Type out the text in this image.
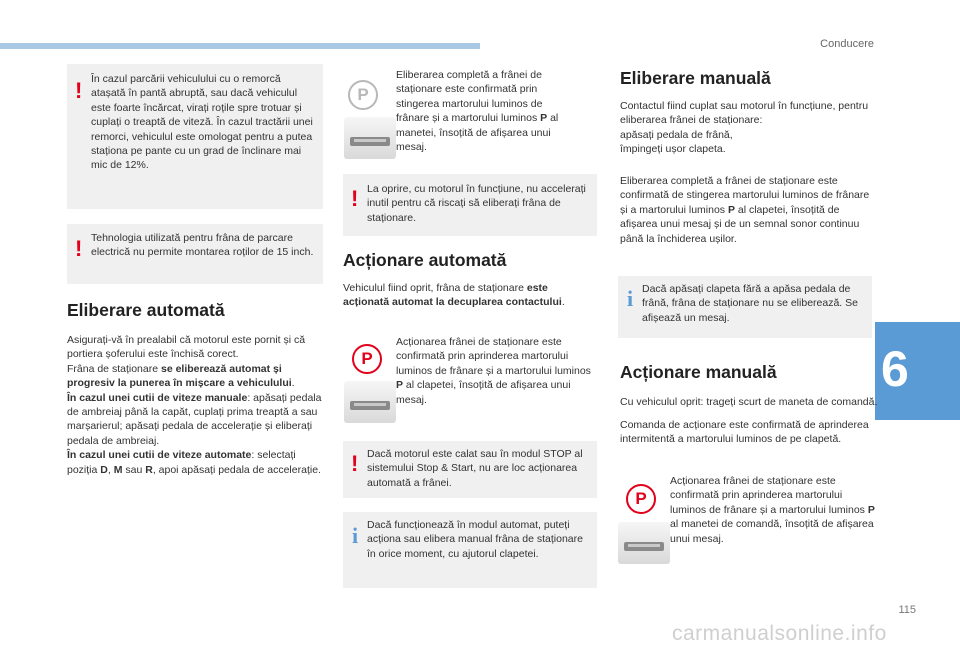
Conducere
6
! În cazul parcării vehiculului cu o remorcă atașată în pantă abruptă, sau dacă vehiculul este foarte încărcat, virați roțile spre trotuar și cuplați o treaptă de viteză. În cazul tractării unei remorci, vehiculul este omologat pentru a putea staționa pe pante cu un grad de înclinare mai mic de 12%.
! Tehnologia utilizată pentru frâna de parcare electrică nu permite montarea roților de 15 inch.
Eliberare automată
Asigurați-vă în prealabil că motorul este pornit și că portiera șoferului este închisă corect.
Frâna de staționare se eliberează automat și progresiv la punerea în mișcare a vehiculului.
În cazul unei cutii de viteze manuale: apăsați pedala de ambreiaj până la capăt, cuplați prima treaptă a sau marșarierul; apăsați pedala de accelerație și eliberați pedala de ambreiaj.
În cazul unei cutii de viteze automate: selectați poziția D, M sau R, apoi apăsați pedala de accelerație.
P
Eliberarea completă a frânei de staționare este confirmată prin stingerea martorului luminos de frânare și a martorului luminos P al manetei, însoțită de afișarea unui mesaj.
! La oprire, cu motorul în funcțiune, nu accelerați inutil pentru că riscați să eliberați frâna de staționare.
Acționare automată
Vehiculul fiind oprit, frâna de staționare este acționată automat la decuplarea contactului.
P
Acționarea frânei de staționare este confirmată prin aprinderea martorului luminos de frânare și a martorului luminos P al clapetei, însoțită de afișarea unui mesaj.
! Dacă motorul este calat sau în modul STOP al sistemului Stop & Start, nu are loc acționarea automată a frânei.
i Dacă funcționează în modul automat, puteți acționa sau elibera manual frâna de staționare în orice moment, cu ajutorul clapetei.
Eliberare manuală
Contactul fiind cuplat sau motorul în funcțiune, pentru eliberarea frânei de staționare:
apăsați pedala de frână,
împingeți ușor clapeta.
Eliberarea completă a frânei de staționare este confirmată de stingerea martorului luminos de frânare și a martorului luminos P al clapetei, însoțită de afișarea unui mesaj și de un semnal sonor continuu până la închiderea ușilor.
i Dacă apăsați clapeta fără a apăsa pedala de frână, frâna de staționare nu se eliberează. Se afișează un mesaj.
Acționare manuală
Cu vehiculul oprit: trageți scurt de maneta de comandă.
Comanda de acționare este confirmată de aprinderea intermitentă a martorului luminos de pe clapetă.
P
Acționarea frânei de staționare este confirmată prin aprinderea martorului luminos de frânare și a martorului luminos P al manetei de comandă, însoțită de afișarea unui mesaj.
115
carmanualsonline.info
